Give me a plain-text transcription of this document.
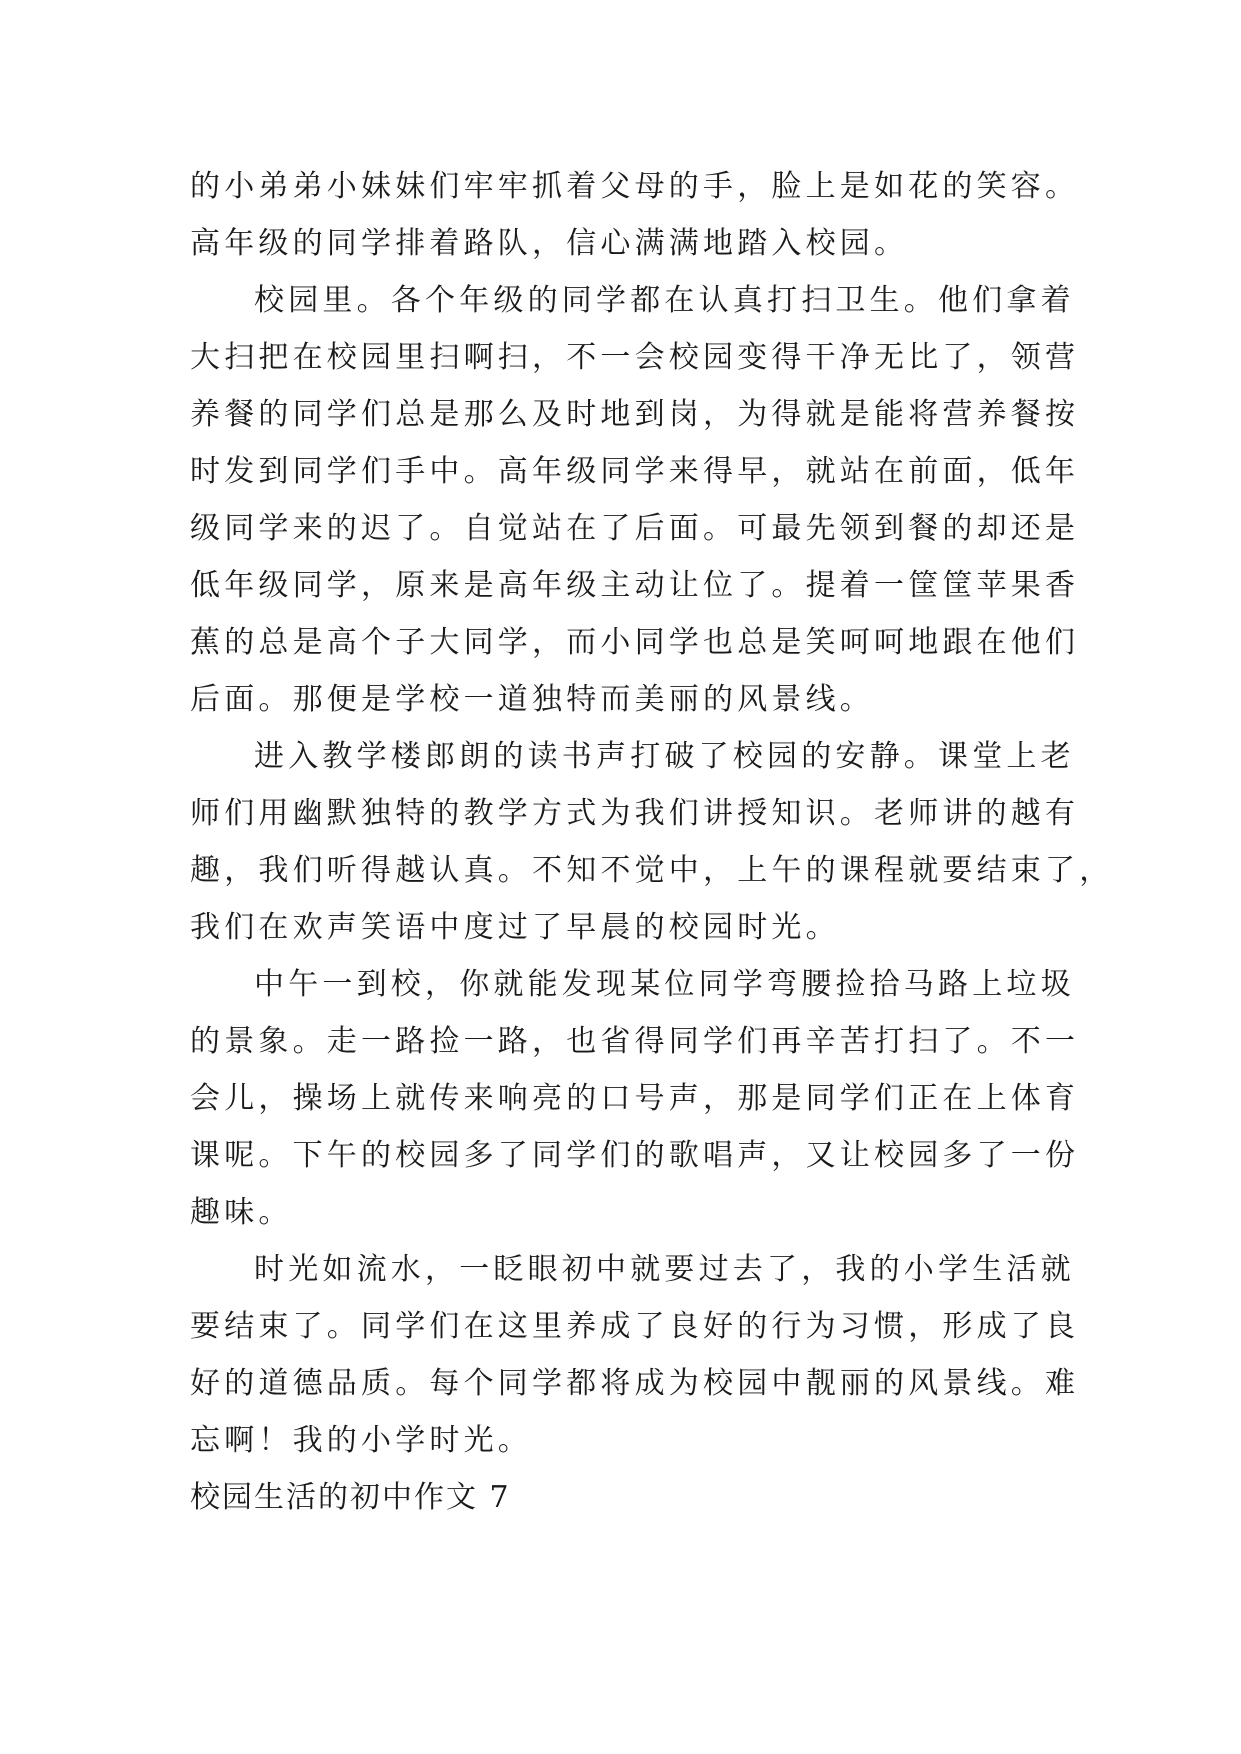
的小弟弟小妹妹们牢牢抓着父母的手，脸上是如花的笑容。
高年级的同学排着路队，信心满满地踏入校园。
校园里。各个年级的同学都在认真打扫卫生。他们拿着
大扫把在校园里扫啊扫，不一会校园变得干净无比了，领营
养餐的同学们总是那么及时地到岗，为得就是能将营养餐按
时发到同学们手中。高年级同学来得早，就站在前面，低年
级同学来的迟了。自觉站在了后面。可最先领到餐的却还是
低年级同学，原来是高年级主动让位了。提着一筐筐苹果香
蕉的总是高个子大同学，而小同学也总是笑呵呵地跟在他们
后面。那便是学校一道独特而美丽的风景线。
进入教学楼郎朗的读书声打破了校园的安静。课堂上老
师们用幽默独特的教学方式为我们讲授知识。老师讲的越有
趣，我们听得越认真。不知不觉中，上午的课程就要结束了，
我们在欢声笑语中度过了早晨的校园时光。
中午一到校，你就能发现某位同学弯腰捡拾马路上垃圾
的景象。走一路捡一路，也省得同学们再辛苦打扫了。不一
会儿，操场上就传来响亮的口号声，那是同学们正在上体育
课呢。下午的校园多了同学们的歌唱声，又让校园多了一份
趣味。
时光如流水，一眨眼初中就要过去了，我的小学生活就
要结束了。同学们在这里养成了良好的行为习惯，形成了良
好的道德品质。每个同学都将成为校园中靓丽的风景线。难
忘啊！我的小学时光。
校园生活的初中作文 7
